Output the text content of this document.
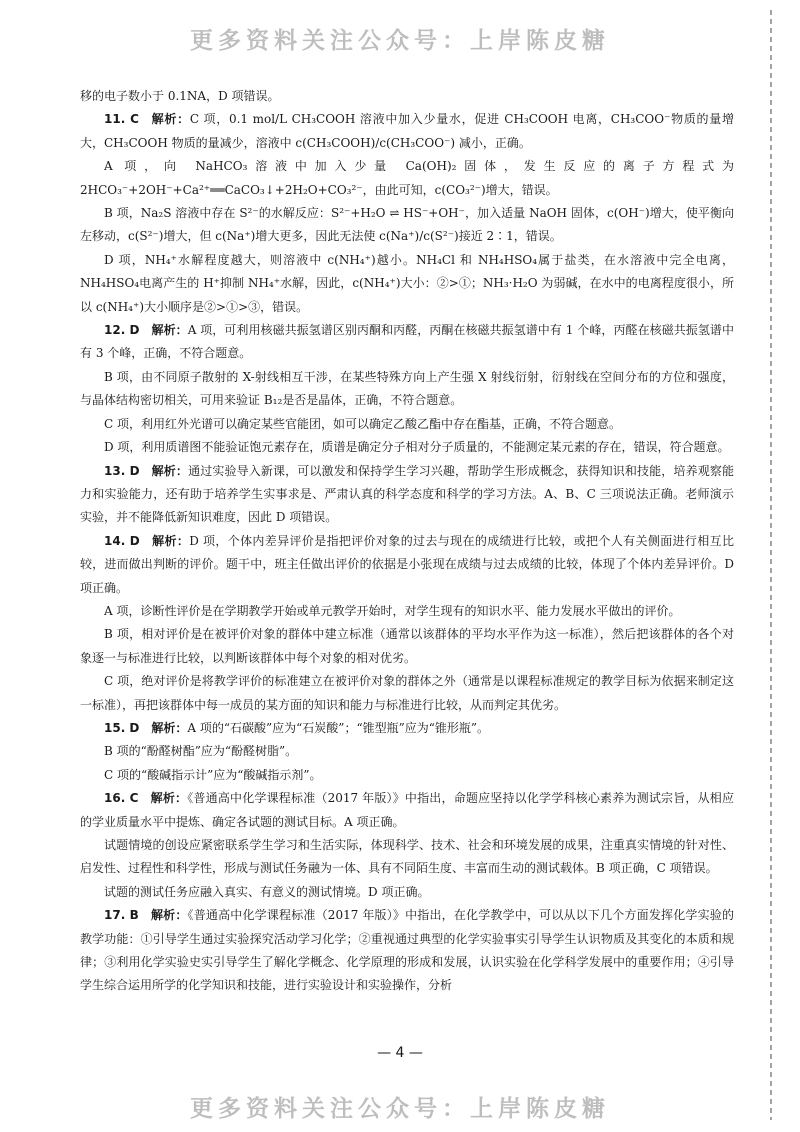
更多资料关注公众号：上岸陈皮糖

移的电子数小于 0.1NA，D 项错误。

11. C  解析：C 项，0.1 mol/L CH₃COOH 溶液中加入少量水，促进 CH₃COOH 电离，CH₃COO⁻物质的量增大，CH₃COOH 物质的量减少，溶液中 c(CH₃COOH)/c(CH₃COO⁻) 减小，正确。

A 项，向 NaHCO₃溶液中加入少量 Ca(OH)₂固体，发生反应的离子方程式为 2HCO₃⁻+2OH⁻+Ca²⁺══CaCO₃↓+2H₂O+CO₃²⁻，由此可知，c(CO₃²⁻)增大，错误。

B 项，Na₂S 溶液中存在 S²⁻的水解反应：S²⁻+H₂O ⇌ HS⁻+OH⁻，加入适量 NaOH 固体，c(OH⁻)增大，使平衡向左移动，c(S²⁻)增大，但 c(Na⁺)增大更多，因此无法使 c(Na⁺)/c(S²⁻)接近 2∶1，错误。

D 项，NH₄⁺水解程度越大，则溶液中 c(NH₄⁺)越小。NH₄Cl 和 NH₄HSO₄属于盐类，在水溶液中完全电离，NH₄HSO₄电离产生的 H⁺抑制 NH₄⁺水解，因此，c(NH₄⁺)大小：②>①；NH₃·H₂O 为弱碱，在水中的电离程度很小，所以 c(NH₄⁺)大小顺序是②>①>③，错误。

12. D  解析：A 项，可利用核磁共振氢谱区别丙酮和丙醛，丙酮在核磁共振氢谱中有 1 个峰，丙醛在核磁共振氢谱中有 3 个峰，正确，不符合题意。

B 项，由不同原子散射的 X-射线相互干涉，在某些特殊方向上产生强 X 射线衍射，衍射线在空间分布的方位和强度，与晶体结构密切相关，可用来验证 B₁₂是否是晶体，正确，不符合题意。

C 项，利用红外光谱可以确定某些官能团，如可以确定乙酸乙酯中存在酯基，正确，不符合题意。

D 项，利用质谱图不能验证饱元素存在，质谱是确定分子相对分子质量的，不能测定某元素的存在，错误，符合题意。

13. D  解析：通过实验导入新课，可以激发和保持学生学习兴趣，帮助学生形成概念，获得知识和技能，培养观察能力和实验能力，还有助于培养学生实事求是、严肃认真的科学态度和科学的学习方法。A、B、C 三项说法正确。老师演示实验，并不能降低新知识难度，因此 D 项错误。

14. D  解析：D 项，个体内差异评价是指把评价对象的过去与现在的成绩进行比较，或把个人有关侧面进行相互比较，进而做出判断的评价。题干中，班主任做出评价的依据是小张现在成绩与过去成绩的比较，体现了个体内差异评价。D 项正确。

A 项，诊断性评价是在学期教学开始或单元教学开始时，对学生现有的知识水平、能力发展水平做出的评价。

B 项，相对评价是在被评价对象的群体中建立标准（通常以该群体的平均水平作为这一标准），然后把该群体的各个对象逐一与标准进行比较，以判断该群体中每个对象的相对优劣。

C 项，绝对评价是将教学评价的标准建立在被评价对象的群体之外（通常是以课程标准规定的教学目标为依据来制定这一标准），再把该群体中每一成员的某方面的知识和能力与标准进行比较，从而判定其优劣。

15. D  解析：A 项的“石碳酸”应为“石炭酸”；“锥型瓶”应为“锥形瓶”。

B 项的“酚醛树酯”应为“酚醛树脂”。

C 项的“酸碱指示计”应为“酸碱指示剂”。

16. C  解析：《普通高中化学课程标准（2017 年版）》中指出，命题应坚持以化学学科核心素养为测试宗旨，从相应的学业质量水平中提炼、确定各试题的测试目标。A 项正确。

试题情境的创设应紧密联系学生学习和生活实际，体现科学、技术、社会和环境发展的成果，注重真实情境的针对性、启发性、过程性和科学性，形成与测试任务融为一体、具有不同陌生度、丰富而生动的测试载体。B 项正确，C 项错误。

试题的测试任务应融入真实、有意义的测试情境。D 项正确。

17. B  解析：《普通高中化学课程标准（2017 年版）》中指出，在化学教学中，可以从以下几个方面发挥化学实验的教学功能：①引导学生通过实验探究活动学习化学；②重视通过典型的化学实验事实引导学生认识物质及其变化的本质和规律；③利用化学实验史实引导学生了解化学概念、化学原理的形成和发展，认识实验在化学科学发展中的重要作用；④引导学生综合运用所学的化学知识和技能，进行实验设计和实验操作，分析

— 4 —
更多资料关注公众号：上岸陈皮糖
